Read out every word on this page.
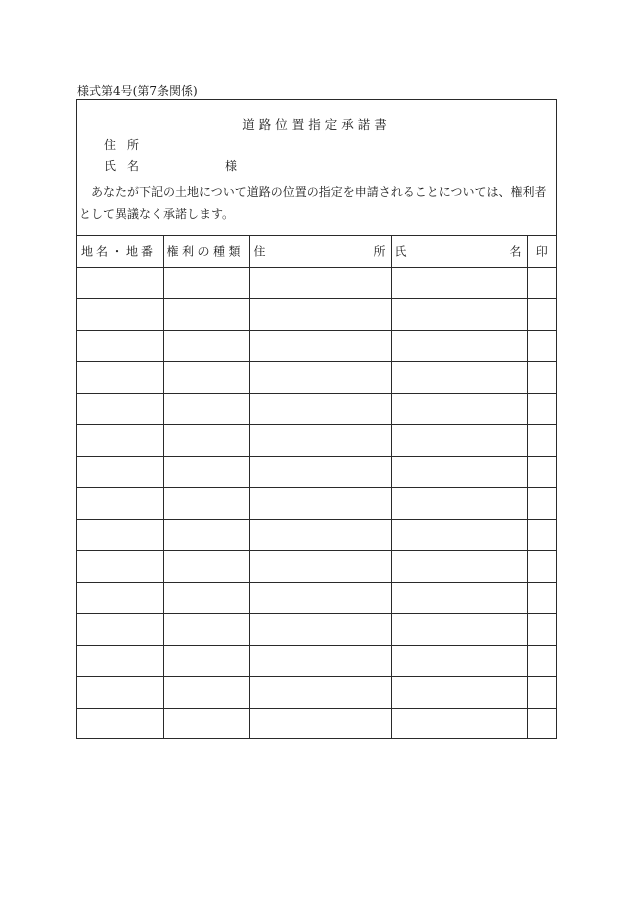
様式第4号(第7条関係)
道路位置指定承諾書
住所
氏名	様
あなたが下記の土地について道路の位置の指定を申請されることについては、権利者として異議なく承諾します。
地名・地番	権利の種類	住 所	氏 名	印
